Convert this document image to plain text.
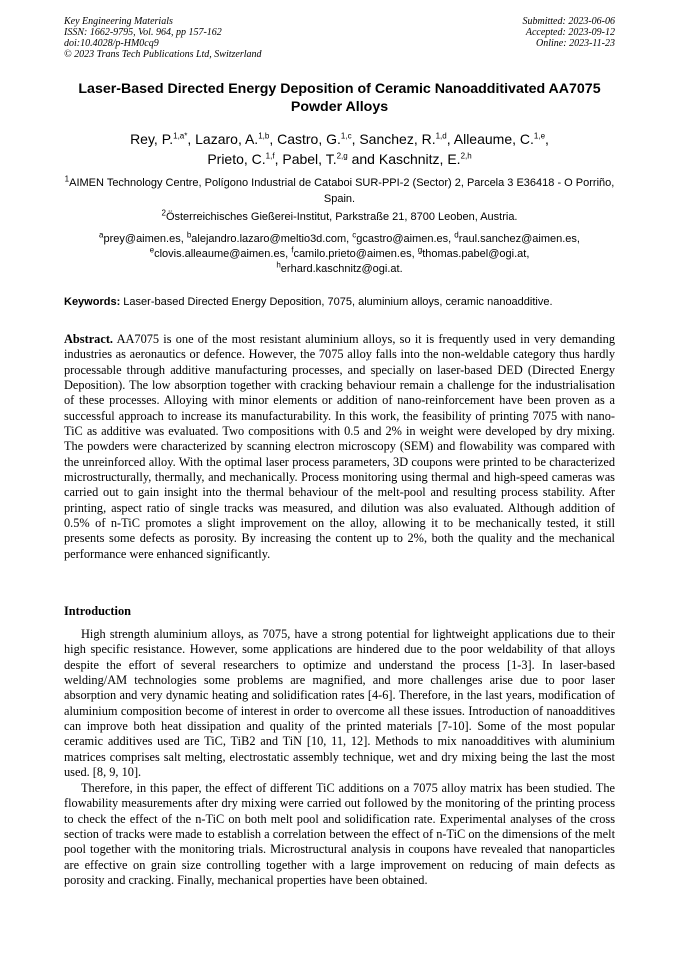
Key Engineering Materials
ISSN: 1662-9795, Vol. 964, pp 157-162
doi:10.4028/p-HM0cq9
© 2023 Trans Tech Publications Ltd, Switzerland
Submitted: 2023-06-06
Accepted: 2023-09-12
Online: 2023-11-23
Laser-Based Directed Energy Deposition of Ceramic Nanoadditivated AA7075 Powder Alloys
Rey, P.$^{1,a*}$, Lazaro, A.$^{1,b}$, Castro, G.$^{1,c}$, Sanchez, R.$^{1,d}$, Alleaume, C.$^{1,e}$,
Prieto, C.$^{1,f}$, Pabel, T.$^{2,g}$ and Kaschnitz, E.$^{2,h}$
$^1$AIMEN Technology Centre, Polígono Industrial de Cataboi SUR-PPI-2 (Sector) 2, Parcela 3 E36418 - O Porriño, Spain.
$^2$Österreichisches Gießerei-Institut, Parkstraße 21, 8700 Leoben, Austria.
$^a$prey@aimen.es, $^b$alejandro.lazaro@meltio3d.com, $^c$gcastro@aimen.es, $^d$raul.sanchez@aimen.es,
$^e$clovis.alleaume@aimen.es, $^f$camilo.prieto@aimen.es, $^g$thomas.pabel@ogi.at,
$^h$erhard.kaschnitz@ogi.at.
Keywords: Laser-based Directed Energy Deposition, 7075, aluminium alloys, ceramic nanoadditive.
Abstract. AA7075 is one of the most resistant aluminium alloys, so it is frequently used in very demanding industries as aeronautics or defence. However, the 7075 alloy falls into the non-weldable category thus hardly processable through additive manufacturing processes, and specially on laser-based DED (Directed Energy Deposition). The low absorption together with cracking behaviour remain a challenge for the industrialisation of these processes. Alloying with minor elements or addition of nano-reinforcement have been proven as a successful approach to increase its manufacturability. In this work, the feasibility of printing 7075 with nano-TiC as additive was evaluated. Two compositions with 0.5 and 2% in weight were developed by dry mixing. The powders were characterized by scanning electron microscopy (SEM) and flowability was compared with the unreinforced alloy. With the optimal laser process parameters, 3D coupons were printed to be characterized microstructurally, thermally, and mechanically. Process monitoring using thermal and high-speed cameras was carried out to gain insight into the thermal behaviour of the melt-pool and resulting process stability. After printing, aspect ratio of single tracks was measured, and dilution was also evaluated. Although addition of 0.5% of n-TiC promotes a slight improvement on the alloy, allowing it to be mechanically tested, it still presents some defects as porosity. By increasing the content up to 2%, both the quality and the mechanical performance were enhanced significantly.
Introduction

High strength aluminium alloys, as 7075, have a strong potential for lightweight applications due to their high specific resistance. However, some applications are hindered due to the poor weldability of that alloys despite the effort of several researchers to optimize and understand the process [1-3]. In laser-based welding/AM technologies some problems are magnified, and more challenges arise due to poor laser absorption and very dynamic heating and solidification rates [4-6]. Therefore, in the last years, modification of aluminium composition become of interest in order to overcome all these issues. Introduction of nanoadditives can improve both heat dissipation and quality of the printed materials [7-10]. Some of the most popular ceramic additives used are TiC, TiB2 and TiN [10, 11, 12]. Methods to mix nanoadditives with aluminium matrices comprises salt melting, electrostatic assembly technique, wet and dry mixing being the last the most used. [8, 9, 10].

Therefore, in this paper, the effect of different TiC additions on a 7075 alloy matrix has been studied. The flowability measurements after dry mixing were carried out followed by the monitoring of the printing process to check the effect of the n-TiC on both melt pool and solidification rate. Experimental analyses of the cross section of tracks were made to establish a correlation between the effect of n-TiC on the dimensions of the melt pool together with the monitoring trials. Microstructural analysis in coupons have revealed that nanoparticles are effective on grain size controlling together with a large improvement on reducing of main defects as porosity and cracking. Finally, mechanical properties have been obtained.
